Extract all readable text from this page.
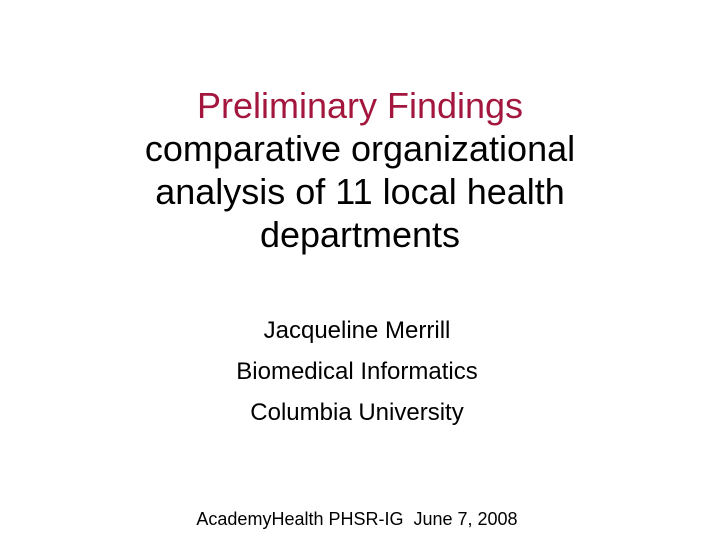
Preliminary Findings
comparative organizational
analysis of 11 local health
departments
Jacqueline Merrill
Biomedical Informatics
Columbia University
AcademyHealth PHSR-IG  June 7, 2008
